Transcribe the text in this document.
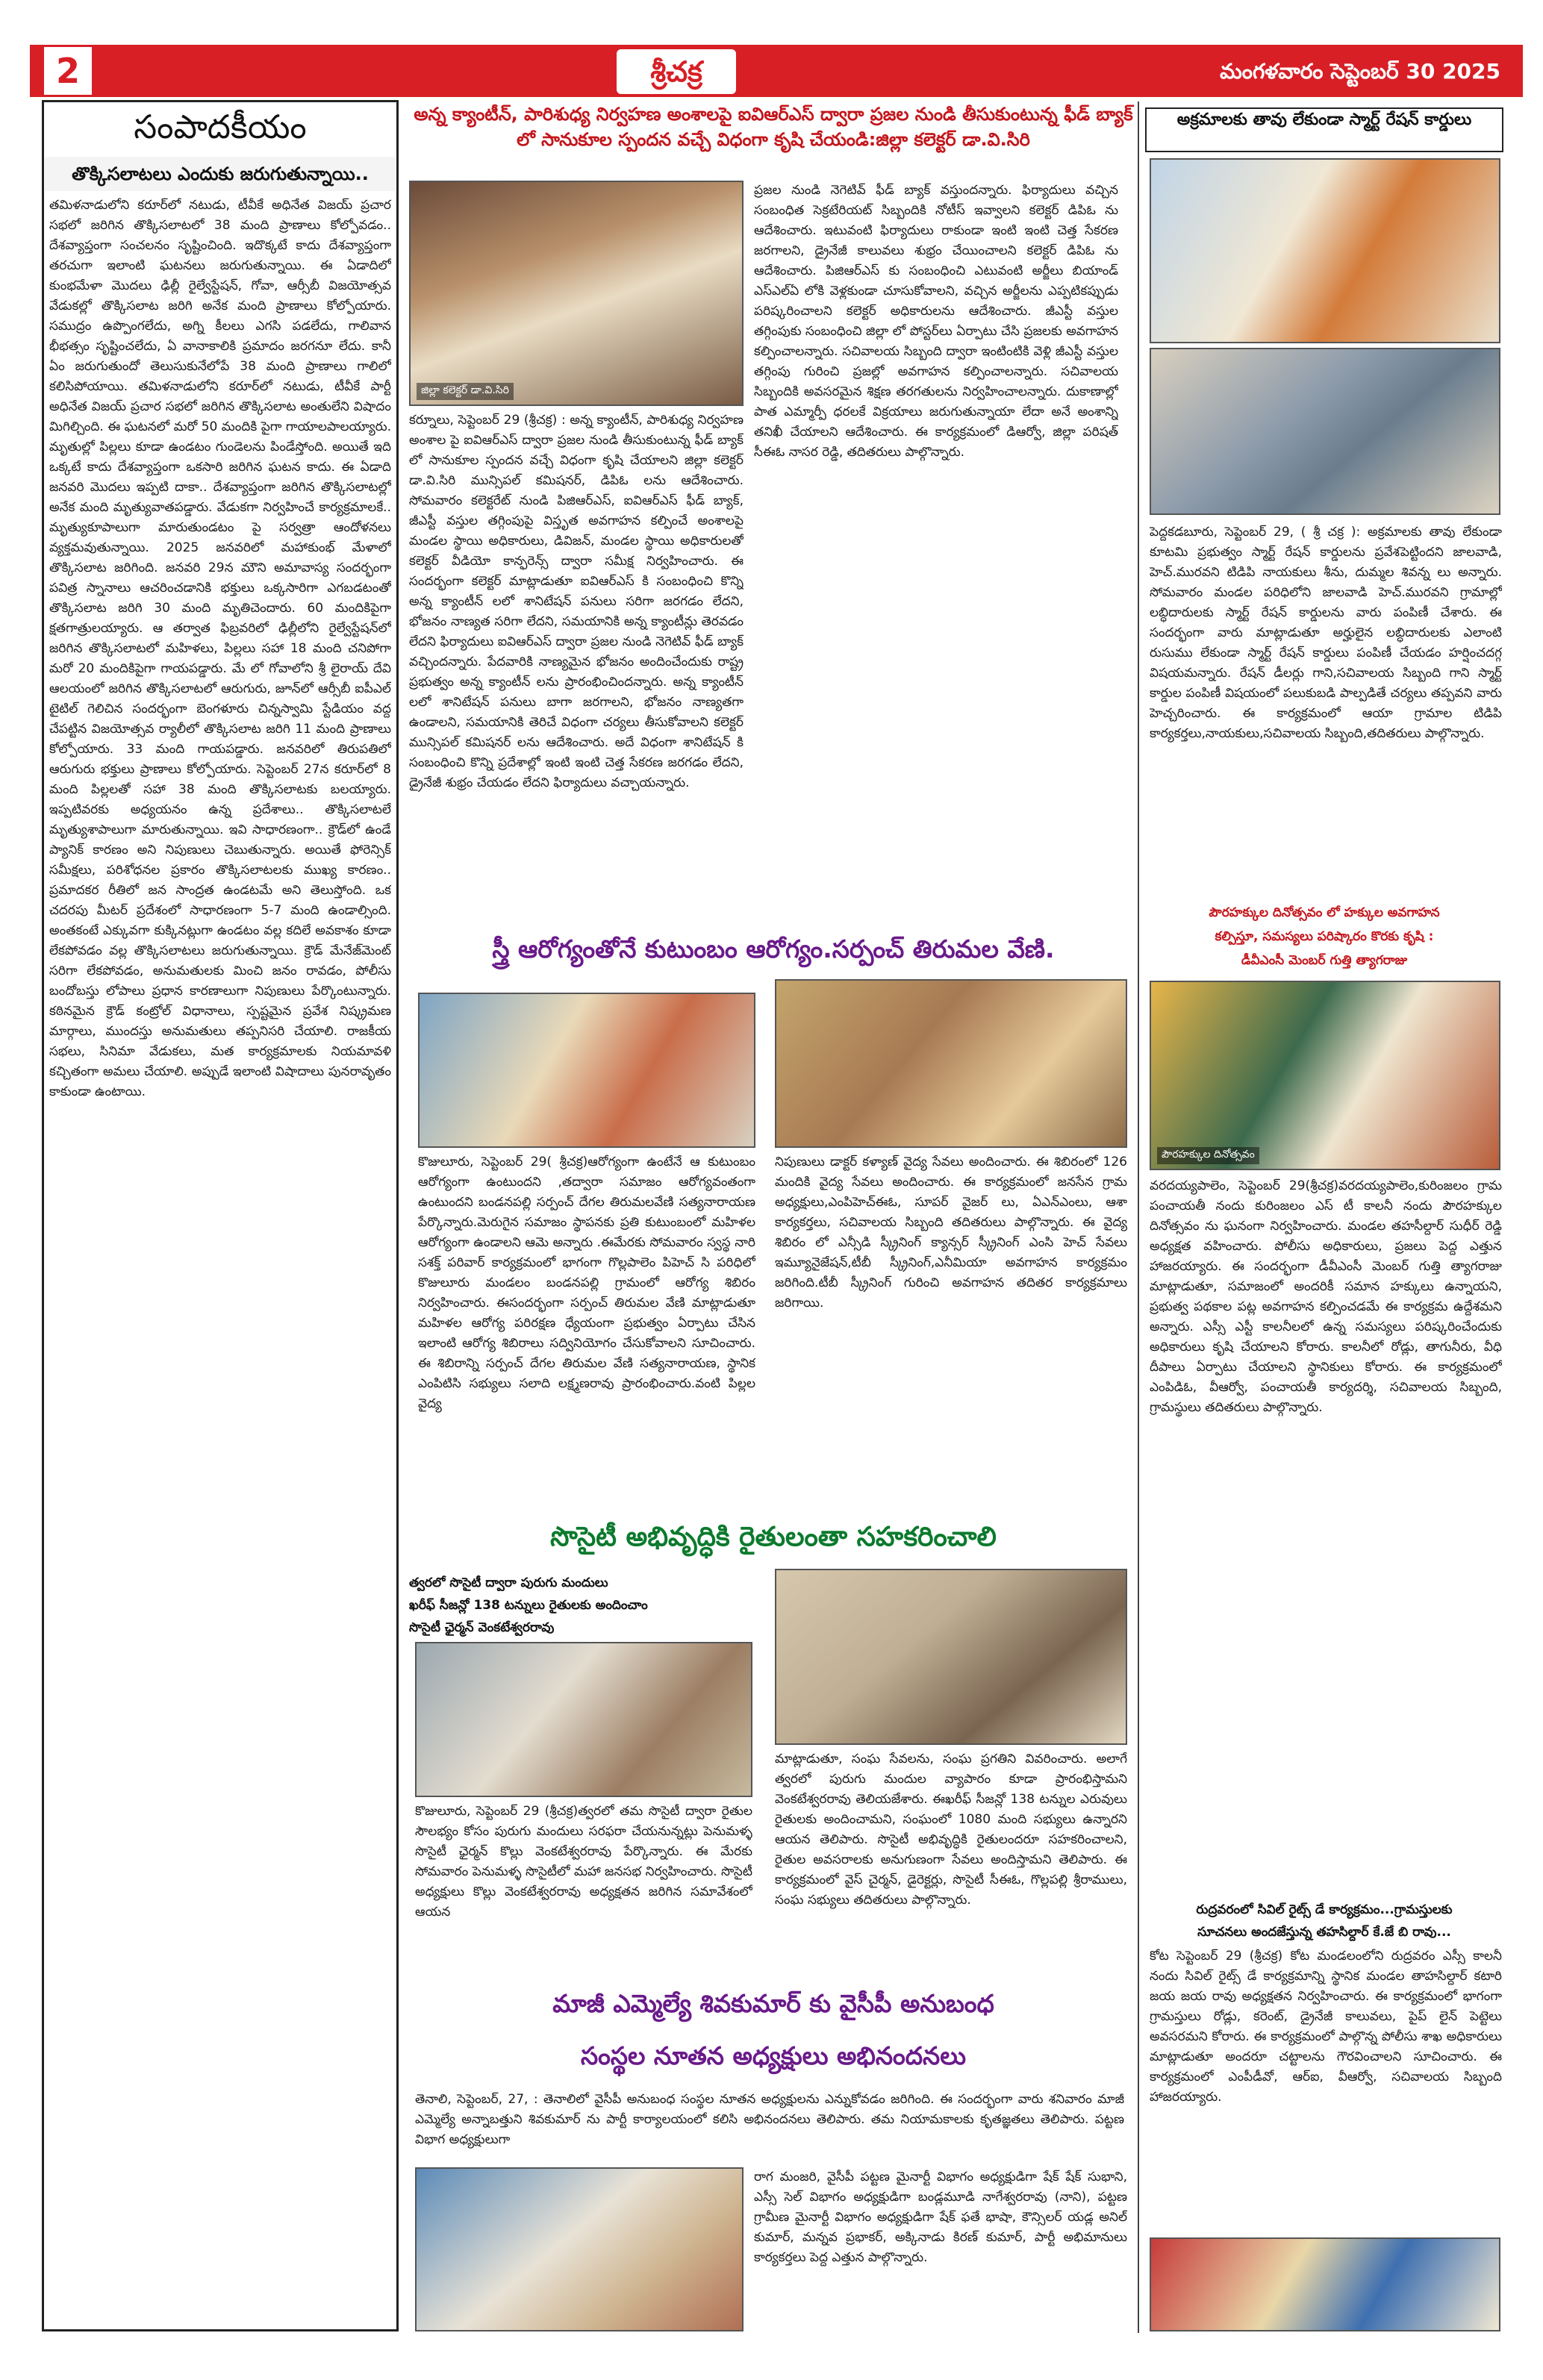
2	శ్రీచక్ర	మంగళవారం సెప్టెంబర్ 30 2025
సంపాదకీయం
తొక్కిసలాటలు ఎందుకు జరుగుతున్నాయి..
తమిళనాడులోని కరూర్‌లో నటుడు, టీవీకే అధినేత విజయ్ ప్రచార సభలో జరిగిన తొక్కిసలాటలో 38 మంది ప్రాణాలు కోల్పోవడం.. దేశవ్యాప్తంగా సంచలనం సృష్టించింది. ఇదొక్కటే కాదు దేశవ్యాప్తంగా తరచుగా ఇలాంటి ఘటనలు జరుగుతున్నాయి. ఈ ఏడాదిలో కుంభమేళా మొదలు ఢిల్లీ రైల్వేస్టేషన్, గోవా, ఆర్సీబీ విజయోత్సవ వేడుకల్లో తొక్కిసలాట జరిగి అనేక మంది ప్రాణాలు కోల్పోయారు. సముద్రం ఉప్పొంగలేదు, అగ్ని కీలలు ఎగసి పడలేదు, గాలివాన భీభత్సం సృష్టించలేదు, ఏ వానాకాలికి ప్రమాదం జరగనూ లేదు. కానీ ఏం జరుగుతుందో తెలుసుకునేలోపే 38 మంది ప్రాణాలు గాలిలో కలిసిపోయాయి. తమిళనాడులోని కరూర్‌లో నటుడు, టీవీకే పార్టీ అధినేత విజయ్ ప్రచార సభలో జరిగిన తొక్కిసలాట అంతులేని విషాదం మిగిల్చింది. ఈ ఘటనలో మరో 50 మందికి పైగా గాయాలపాలయ్యారు. మృతుల్లో పిల్లలు కూడా ఉండటం గుండెలను పిండేస్తోంది. అయితే ఇది ఒక్కటే కాదు దేశవ్యాప్తంగా ఒకసారి జరిగిన ఘటన కాదు. ఈ ఏడాది జనవరి మొదలు ఇప్పటి దాకా.. దేశవ్యాప్తంగా జరిగిన తొక్కిసలాటల్లో అనేక మంది మృత్యువాతపడ్డారు. వేడుకగా నిర్వహించే కార్యక్రమాలకే.. మృత్యుకూపాలుగా మారుతుండటం పై సర్వత్రా ఆందోళనలు వ్యక్తమవుతున్నాయి. 2025 జనవరిలో మహాకుంభ్ మేళాలో తొక్కిసలాట జరిగింది. జనవరి 29న మౌని అమావాస్య సందర్భంగా పవిత్ర స్నానాలు ఆచరించడానికి భక్తులు ఒక్కసారిగా ఎగబడటంతో తొక్కిసలాట జరిగి 30 మంది మృతిచెందారు. 60 మందికిపైగా క్షతగాత్రులయ్యారు. ఆ తర్వాత ఫిబ్రవరిలో ఢిల్లీలోని రైల్వేస్టేషన్‌లో జరిగిన తొక్కిసలాటలో మహిళలు, పిల్లలు సహా 18 మంది చనిపోగా మరో 20 మందికిపైగా గాయపడ్డారు. మే లో గోవాలోని శ్రీ లైరాయ్ దేవి ఆలయంలో జరిగిన తొక్కిసలాటలో ఆరుగురు, జూన్‌లో ఆర్సీబీ ఐపీఎల్ టైటిల్ గెలిచిన సందర్భంగా బెంగళూరు చిన్నస్వామి స్టేడియం వద్ద చేపట్టిన విజయోత్సవ ర్యాలీలో తొక్కిసలాట జరిగి 11 మంది ప్రాణాలు కోల్పోయారు. 33 మంది గాయపడ్డారు. జనవరిలో తిరుపతిలో ఆరుగురు భక్తులు ప్రాణాలు కోల్పోయారు. సెప్టెంబర్ 27న కరూర్‌లో 8 మంది పిల్లలతో సహా 38 మంది తొక్కిసలాటకు బలయ్యారు. ఇప్పటివరకు అధ్యయనం ఉన్న ప్రదేశాలు.. తొక్కిసలాటలే మృత్యుశాపాలుగా మారుతున్నాయి. ఇవి సాధారణంగా.. క్రౌడ్‌లో ఉండే ప్యానిక్ కారణం అని నిపుణులు చెబుతున్నారు. అయితే ఫోరెన్సిక్ సమీక్షలు, పరిశోధనల ప్రకారం తొక్కిసలాటలకు ముఖ్య కారణం.. ప్రమాదకర రీతిలో జన సాంద్రత ఉండటమే అని తెలుస్తోంది. ఒక చదరపు మీటర్ ప్రదేశంలో సాధారణంగా 5-7 మంది ఉండాల్సింది. అంతకంటే ఎక్కువగా కుక్కినట్లుగా ఉండటం వల్ల కదిలే అవకాశం కూడా లేకపోవడం వల్ల తొక్కిసలాటలు జరుగుతున్నాయి. క్రౌడ్ మేనేజ్‌మెంట్ సరిగా లేకపోవడం, అనుమతులకు మించి జనం రావడం, పోలీసు బందోబస్తు లోపాలు ప్రధాన కారణాలుగా నిపుణులు పేర్కొంటున్నారు. కఠినమైన క్రౌడ్ కంట్రోల్ విధానాలు, స్పష్టమైన ప్రవేశ నిష్క్రమణ మార్గాలు, ముందస్తు అనుమతులు తప్పనిసరి చేయాలి. రాజకీయ సభలు, సినిమా వేడుకలు, మత కార్యక్రమాలకు నియమావళి కచ్చితంగా అమలు చేయాలి. అప్పుడే ఇలాంటి విషాదాలు పునరావృతం కాకుండా ఉంటాయి.
అన్న క్యాంటీన్, పారిశుధ్య నిర్వహణ అంశాలపై ఐవిఆర్ఎస్ ద్వారా ప్రజల నుండి తీసుకుంటున్న ఫీడ్ బ్యాక్ లో సానుకూల స్పందన వచ్చే విధంగా కృషి చేయండి:జిల్లా కలెక్టర్ డా.వి.సిరి
జిల్లా కలెక్టర్ డా.వి.సిరి
కర్నూలు, సెప్టెంబర్ 29 (శ్రీచక్ర) : అన్న క్యాంటీన్, పారిశుధ్య నిర్వహణ అంశాల పై ఐవిఆర్ఎస్ ద్వారా ప్రజల నుండి తీసుకుంటున్న ఫీడ్ బ్యాక్ లో సానుకూల స్పందన వచ్చే విధంగా కృషి చేయాలని జిల్లా కలెక్టర్ డా.వి.సిరి మున్సిపల్ కమిషనర్, డిపిఓ లను ఆదేశించారు. సోమవారం కలెక్టరేట్ నుండి పిజిఆర్ఎస్, ఐవిఆర్ఎస్ ఫీడ్ బ్యాక్, జీఎస్టీ వస్తుల తగ్గింపుపై విస్తృత అవగాహన కల్పించే అంశాలపై మండల స్థాయి అధికారులు, డివిజన్, మండల స్థాయి అధికారులతో కలెక్టర్ వీడియో కాన్ఫరెన్స్ ద్వారా సమీక్ష నిర్వహించారు. ఈ సందర్భంగా కలెక్టర్ మాట్లాడుతూ ఐవిఆర్ఎస్ కి సంబంధించి కొన్ని అన్న క్యాంటీన్ లలో శానిటేషన్ పనులు సరిగా జరగడం లేదని, భోజనం నాణ్యత సరిగా లేదని, సమయానికి అన్న క్యాంటీన్లు తెరవడం లేదని ఫిర్యాదులు ఐవిఆర్ఎస్ ద్వారా ప్రజల నుండి నెగెటివ్ ఫీడ్ బ్యాక్ వచ్చిందన్నారు. పేదవారికి నాణ్యమైన భోజనం అందించేందుకు రాష్ట్ర ప్రభుత్వం అన్న క్యాంటీన్ లను ప్రారంభించిందన్నారు. అన్న క్యాంటీన్ లలో శానిటేషన్ పనులు బాగా జరగాలని, భోజనం నాణ్యతగా ఉండాలని, సమయానికి తెరిచే విధంగా చర్యలు తీసుకోవాలని కలెక్టర్ మున్సిపల్ కమిషనర్ లను ఆదేశించారు. అదే విధంగా శానిటేషన్ కి సంబంధించి కొన్ని ప్రదేశాల్లో ఇంటి ఇంటి చెత్త సేకరణ జరగడం లేదని, డ్రైనేజీ శుభ్రం చేయడం లేదని ఫిర్యాదులు వచ్చాయన్నారు.
ప్రజల నుండి నెగెటివ్ ఫీడ్ బ్యాక్ వస్తుందన్నారు. ఫిర్యాదులు వచ్చిన సంబంధిత సెక్రటేరియట్ సిబ్బందికి నోటీస్ ఇవ్వాలని కలెక్టర్ డిపిఓ ను ఆదేశించారు. ఇటువంటి ఫిర్యాదులు రాకుండా ఇంటి ఇంటి చెత్త సేకరణ జరగాలని, డ్రైనేజీ కాలువలు శుభ్రం చేయించాలని కలెక్టర్ డిపిఓ ను ఆదేశించారు. పిజిఆర్ఎస్ కు సంబంధించి ఎటువంటి అర్జీలు బియాండ్ ఎస్ఎల్ఏ లోకి వెళ్లకుండా చూసుకోవాలని, వచ్చిన అర్జీలను ఎప్పటికప్పుడు పరిష్కరించాలని కలెక్టర్ అధికారులను ఆదేశించారు. జీఎస్టీ వస్తుల తగ్గింపుకు సంబంధించి జిల్లా లో పోస్టర్‌లు ఏర్పాటు చేసి ప్రజలకు అవగాహన కల్పించాలన్నారు. సచివాలయ సిబ్బంది ద్వారా ఇంటింటికి వెళ్లి జీఎస్టీ వస్తుల తగ్గింపు గురించి ప్రజల్లో అవగాహన కల్పించాలన్నారు. సచివాలయ సిబ్బందికి అవసరమైన శిక్షణ తరగతులను నిర్వహించాలన్నారు. దుకాణాల్లో పాత ఎమ్మార్పీ ధరలకే విక్రయాలు జరుగుతున్నాయా లేదా అనే అంశాన్ని తనిఖీ చేయాలని ఆదేశించారు. ఈ కార్యక్రమంలో డిఆర్వో, జిల్లా పరిషత్ సీఈఓ నాసర రెడ్డి, తదితరులు పాల్గొన్నారు.
అక్రమాలకు తావు లేకుండా స్మార్ట్ రేషన్ కార్డులు
పెద్దకడబూరు, సెప్టెంబర్ 29, ( శ్రీ చక్ర ): అక్రమాలకు తావు లేకుండా కూటమి ప్రభుత్వం స్మార్ట్ రేషన్ కార్డులను ప్రవేశపెట్టిందని జాలవాడి, హెచ్.మురవని టిడిపి నాయకులు శీను, దుమ్మల శివన్న లు అన్నారు. సోమవారం మండల పరిధిలోని జాలవాడి హెచ్.మురవని గ్రామాల్లో లబ్ధిదారులకు స్మార్ట్ రేషన్ కార్డులను వారు పంపిణీ చేశారు. ఈ సందర్భంగా వారు మాట్లాడుతూ అర్హులైన లబ్ధిదారులకు ఎలాంటి రుసుము లేకుండా స్మార్ట్ రేషన్ కార్డులు పంపిణీ చేయడం హర్షించదగ్గ విషయమన్నారు. రేషన్ డీలర్లు గాని,సచివాలయ సిబ్బంది గాని స్మార్ట్ కార్డుల పంపిణీ విషయంలో పలుకుబడి పాల్పడితే చర్యలు తప్పవని వారు హెచ్చరించారు. ఈ కార్యక్రమంలో ఆయా గ్రామాల టిడిపి కార్యకర్తలు,నాయకులు,సచివాలయ సిబ్బంది,తదితరులు పాల్గొన్నారు.
పౌరహక్కుల దినోత్సవం లో హక్కుల అవగాహన
కల్పిస్తూ, సమస్యలు పరిష్కారం కొరకు కృషి :
డీవీఎంసీ మెంబర్ గుత్తి త్యాగరాజు
పౌరహక్కుల దినోత్సవం
వరదయ్యపాలెం, సెప్టెంబర్ 29(శ్రీచక్ర)వరదయ్యపాలెం,కురింజలం గ్రామ పంచాయతీ నందు కురింజలం ఎస్ టీ కాలనీ నందు పౌరహక్కుల దినోత్సవం ను ఘనంగా నిర్వహించారు. మండల తహసీల్దార్ సుధీర్ రెడ్డి అధ్యక్షత వహించారు. పోలీసు అధికారులు, ప్రజలు పెద్ద ఎత్తున హాజరయ్యారు. ఈ సందర్భంగా డీవీఎంసీ మెంబర్ గుత్తి త్యాగరాజు మాట్లాడుతూ, సమాజంలో అందరికీ సమాన హక్కులు ఉన్నాయని, ప్రభుత్వ పథకాల పట్ల అవగాహన కల్పించడమే ఈ కార్యక్రమ ఉద్దేశమని అన్నారు. ఎస్సీ ఎస్టీ కాలనీలలో ఉన్న సమస్యలు పరిష్కరించేందుకు అధికారులు కృషి చేయాలని కోరారు. కాలనీలో రోడ్లు, తాగునీరు, వీధి దీపాలు ఏర్పాటు చేయాలని స్థానికులు కోరారు. ఈ కార్యక్రమంలో ఎంపిడిఓ, వీఆర్వో, పంచాయతీ కార్యదర్శి, సచివాలయ సిబ్బంది, గ్రామస్థులు తదితరులు పాల్గొన్నారు.
రుద్రవరంలో సివిల్ రైట్స్ డే కార్యక్రమం...గ్రామస్తులకు
సూచనలు అందజేస్తున్న తహసిల్దార్ కే.జే బి రావు...
కోట సెప్టెంబర్ 29 (శ్రీచక్ర) కోట మండలంలోని రుద్రవరం ఎస్సీ కాలనీ నందు సివిల్ రైట్స్ డే కార్యక్రమాన్ని స్థానిక మండల తాహసిల్దార్ కటారి జయ జయ రావు అధ్యక్షతన నిర్వహించారు. ఈ కార్యక్రమంలో భాగంగా గ్రామస్తులు రోడ్లు, కరెంట్, డ్రైనేజీ కాలువలు, పైప్ లైన్ పెట్టెలు అవసరమని కోరారు. ఈ కార్యక్రమంలో పాల్గొన్న పోలీసు శాఖ అధికారులు మాట్లాడుతూ అందరూ చట్టాలను గౌరవించాలని సూచించారు. ఈ కార్యక్రమంలో ఎంపీడీవో, ఆర్ఐ, వీఆర్వో, సచివాలయ సిబ్బంది హాజరయ్యారు.
స్త్రీ ఆరోగ్యంతోనే కుటుంబం ఆరోగ్యం.సర్పంచ్ తిరుమల వేణి.
కొజులూరు, సెప్టెంబర్ 29( శ్రీచక్ర)ఆరోగ్యంగా ఉంటేనే ఆ కుటుంబం ఆరోగ్యంగా ఉంటుందని ,తద్వారా సమాజం ఆరోగ్యవంతంగా ఉంటుందని బండనపల్లి సర్పంచ్ దేగల తిరుమలవేణి సత్యనారాయణ పేర్కొన్నారు.మెరుగైన సమాజం స్థాపనకు ప్రతి కుటుంబంలో మహిళల ఆరోగ్యంగా ఉండాలని ఆమె అన్నారు .ఈమేరకు సోమవారం స్వస్థ నారి సశక్త్ పరివార్ కార్యక్రమంలో భాగంగా గొల్లపాలెం పిహెచ్ సి పరిధిలో కొజులూరు మండలం బండనపల్లి గ్రామంలో ఆరోగ్య శిబిరం నిర్వహించారు. ఈసందర్భంగా సర్పంచ్ తిరుమల వేణి మాట్లాడుతూ మహిళల ఆరోగ్య పరిరక్షణ ధ్యేయంగా ప్రభుత్వం ఏర్పాటు చేసిన ఇలాంటి ఆరోగ్య శిబిరాలు సద్వినియోగం చేసుకోవాలని సూచించారు. ఈ శిబిరాన్ని సర్పంచ్ దేగల తిరుమల వేణి సత్యనారాయణ, స్థానిక ఎంపిటిసి సభ్యులు సలాది లక్ష్మణరావు ప్రారంభించారు.వంటి పిల్లల వైద్య
నిపుణులు డాక్టర్ కళ్యాణ్ వైద్య సేవలు అందించారు. ఈ శిబిరంలో 126 మందికి వైద్య సేవలు అందించారు. ఈ కార్యక్రమంలో జనసేన గ్రామ అధ్యక్షులు,ఎంపిహెచ్ఈఓ, సూపర్ వైజర్ లు, ఏఎన్ఎంలు, ఆశా కార్యకర్తలు, సచివాలయ సిబ్బంది తదితరులు పాల్గొన్నారు. ఈ వైద్య శిబిరం లో ఎన్సీడి స్క్రీనింగ్ క్యాన్సర్ స్క్రీనింగ్ ఎంసి హెచ్ సేవలు ఇమ్యూనైజేషన్,టీబీ స్క్రీనింగ్,ఎనీమియా అవగాహన కార్యక్రమం జరిగింది.టీబీ స్క్రీనింగ్ గురించి అవగాహన తదితర కార్యక్రమాలు జరిగాయి.
సొసైటీ అభివృద్ధికి రైతులంతా సహకరించాలి
త్వరలో సొసైటీ ద్వారా పురుగు మందులు
ఖరీఫ్ సీజన్లో 138 టన్నులు రైతులకు అందించాం
సొసైటీ ఛైర్మన్ వెంకటేశ్వరరావు
కొజులూరు, సెప్టెంబర్ 29 (శ్రీచక్ర)త్వరలో తమ సొసైటీ ద్వారా రైతుల సౌలభ్యం కోసం పురుగు మందులు సరఫరా చేయనున్నట్లు పెనుమళ్ళ సొసైటీ ఛైర్మన్ కొల్లు వెంకటేశ్వరరావు పేర్కొన్నారు. ఈ మేరకు సోమవారం పెనుమళ్ళ సొసైటీలో మహా జనసభ నిర్వహించారు. సొసైటీ అధ్యక్షులు కొల్లు వెంకటేశ్వరరావు అధ్యక్షతన జరిగిన సమావేశంలో ఆయన
మాట్లాడుతూ, సంఘ సేవలను, సంఘ ప్రగతిని వివరించారు. అలాగే త్వరలో పురుగు మందుల వ్యాపారం కూడా ప్రారంభిస్తామని వెంకటేశ్వరరావు తెలియజేశారు. ఈఖరీఫ్ సీజన్లో 138 టన్నుల ఎరువులు రైతులకు అందించామని, సంఘంలో 1080 మంది సభ్యులు ఉన్నారని ఆయన తెలిపారు. సొసైటీ అభివృద్ధికి రైతులందరూ సహకరించాలని, రైతుల అవసరాలకు అనుగుణంగా సేవలు అందిస్తామని తెలిపారు. ఈ కార్యక్రమంలో వైస్ చైర్మన్, డైరెక్టర్లు, సొసైటీ సీఈఓ, గొల్లపల్లి శ్రీరాములు, సంఘ సభ్యులు తదితరులు పాల్గొన్నారు.
మాజీ ఎమ్మెల్యే శివకుమార్ కు వైసీపీ అనుబంధ
సంస్థల నూతన అధ్యక్షులు అభినందనలు
తెనాలి, సెప్టెంబర్, 27, : తెనాలిలో వైసీపీ అనుబంధ సంస్థల నూతన అధ్యక్షులను ఎన్నుకోవడం జరిగింది. ఈ సందర్భంగా వారు శనివారం మాజీ ఎమ్మెల్యే అన్నాబత్తుని శివకుమార్ ను పార్టీ కార్యాలయంలో కలిసి అభినందనలు తెలిపారు. తమ నియామకాలకు కృతజ్ఞతలు తెలిపారు. పట్టణ విభాగ అధ్యక్షులుగా
రాగ మంజరి, వైసీపీ పట్టణ మైనార్టీ విభాగం అధ్యక్షుడిగా షేక్ షేక్ సుభాని, ఎస్సీ సెల్ విభాగం అధ్యక్షుడిగా బండ్లమూడి నాగేశ్వరరావు (నాని), పట్టణ గ్రామీణ మైనార్టీ విభాగం అధ్యక్షుడిగా షేక్ ఫతే భాషా, కౌన్సిలర్ యడ్ల అనిల్ కుమార్, మన్నవ ప్రభాకర్, అక్కినాడు కిరణ్ కుమార్, పార్టీ అభిమానులు కార్యకర్తలు పెద్ద ఎత్తున పాల్గొన్నారు.
